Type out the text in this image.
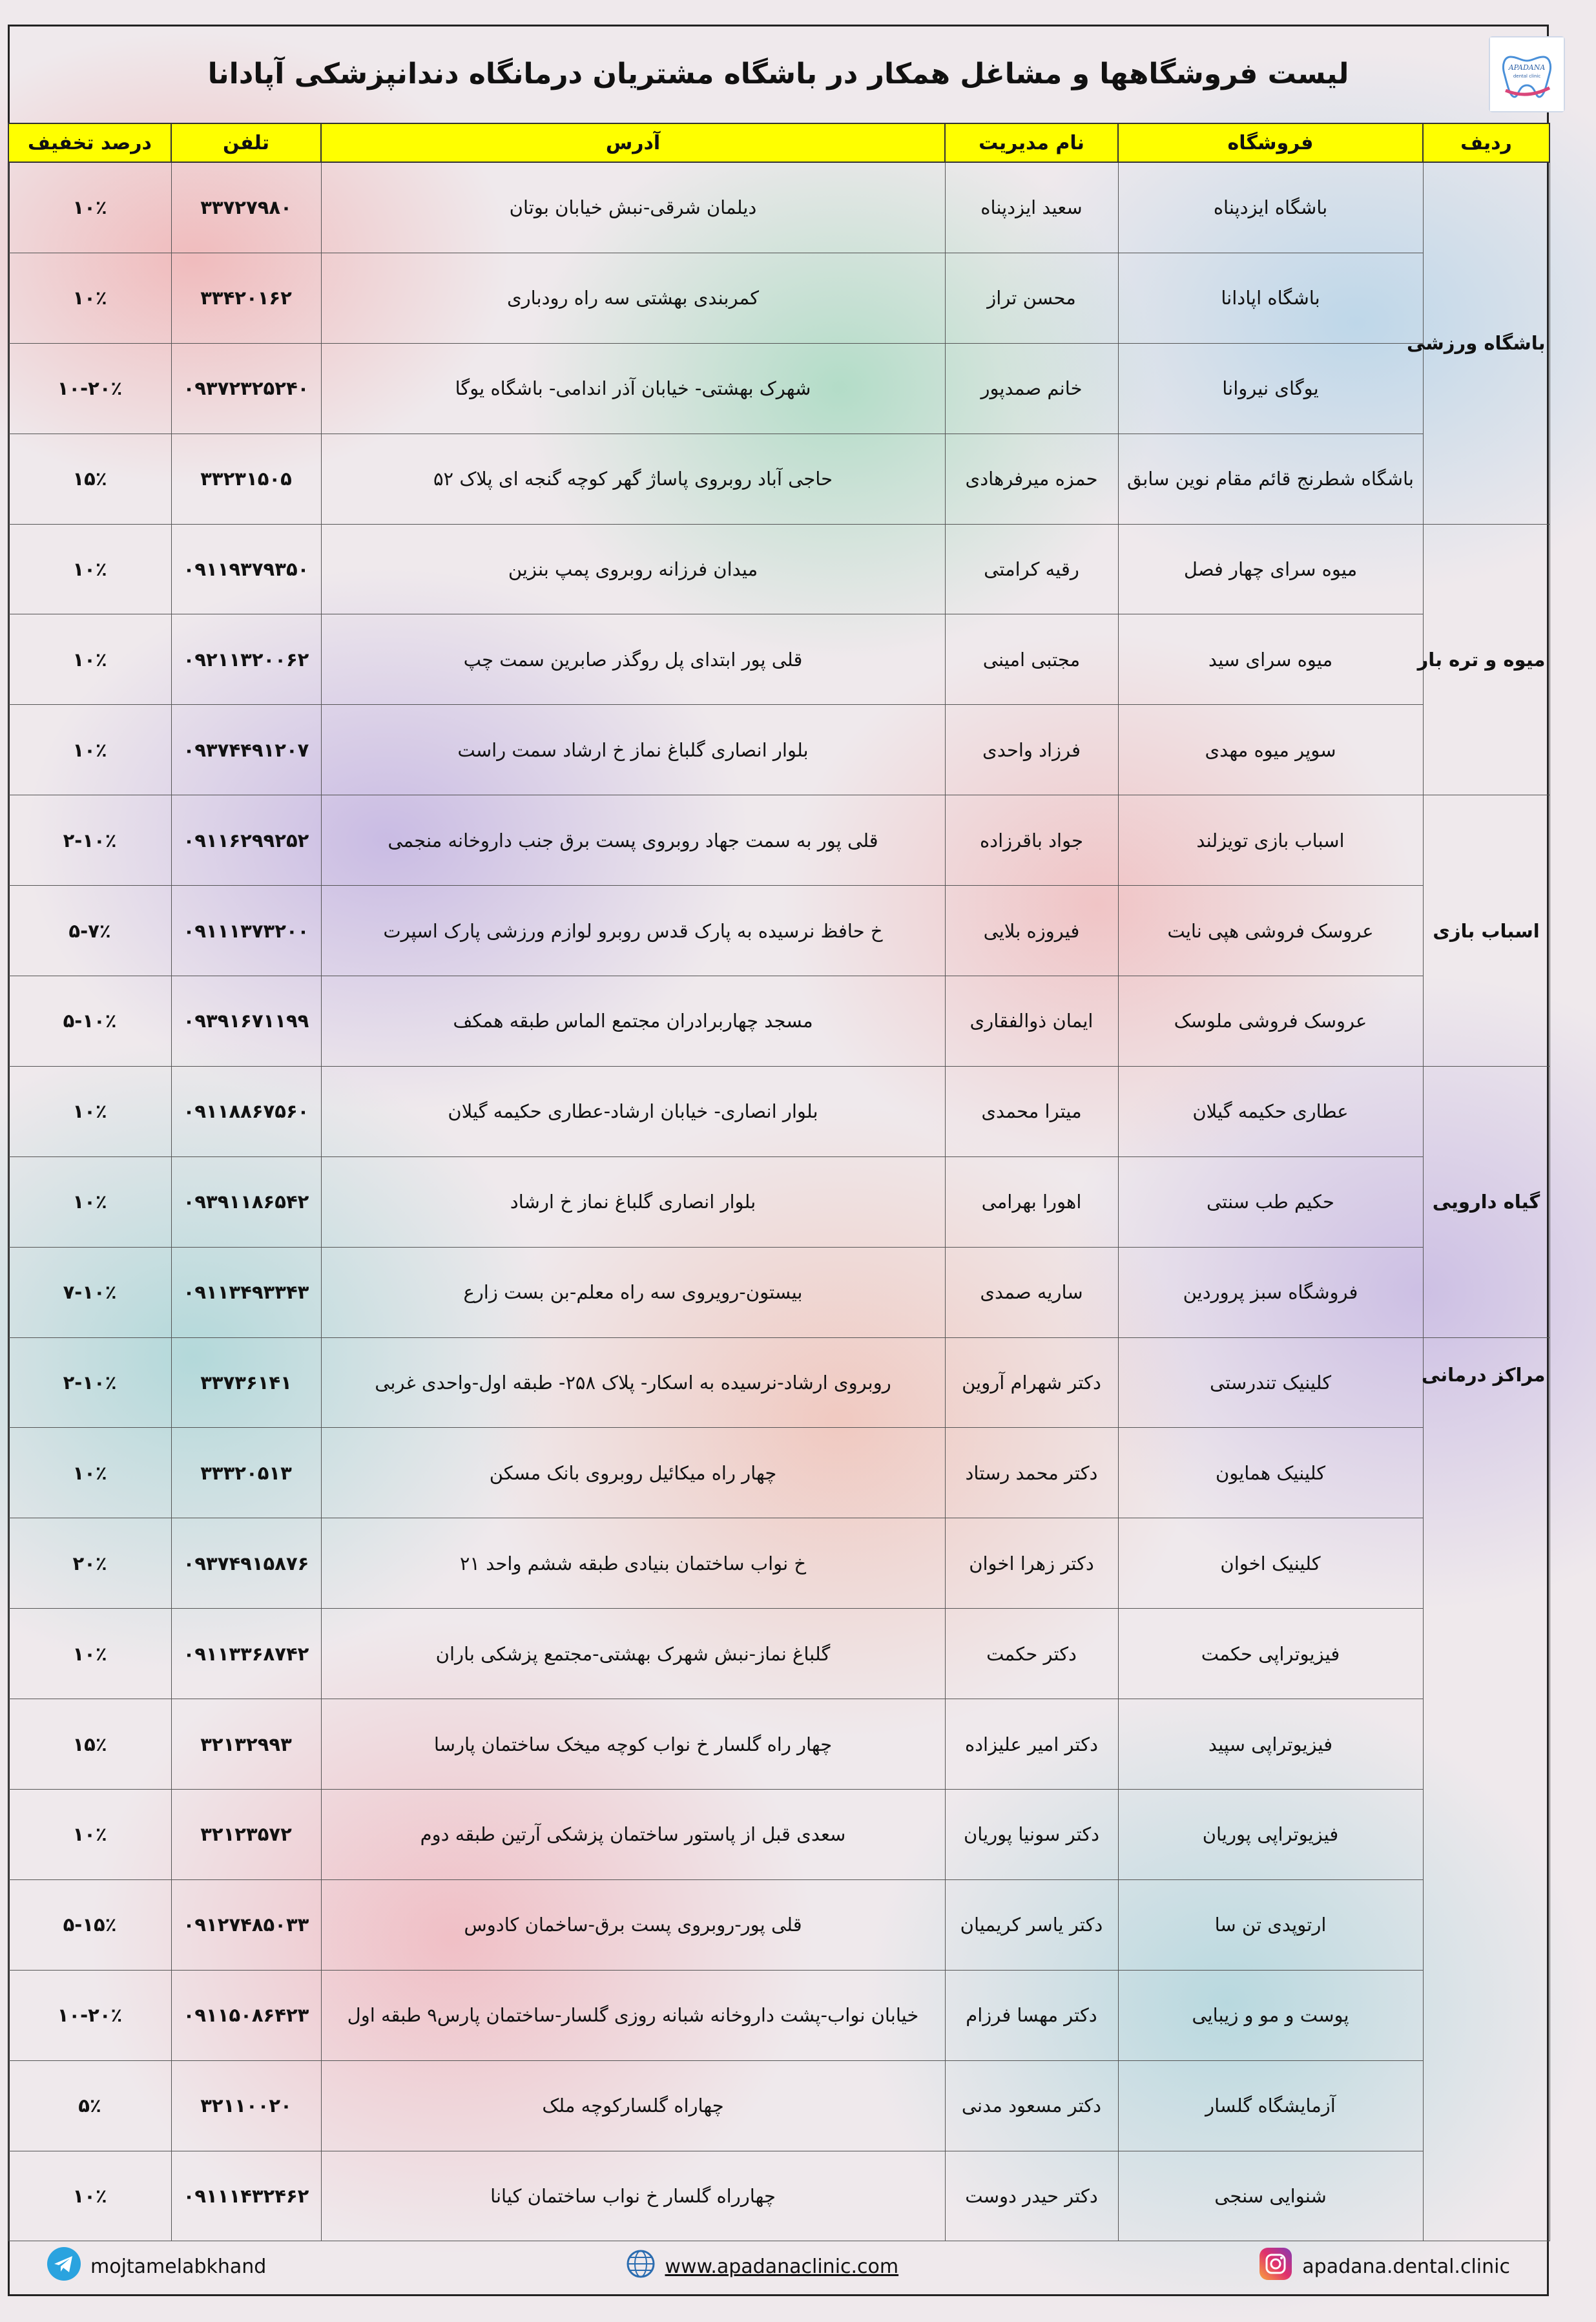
لیست فروشگاهها و مشاغل همکار در باشگاه مشتریان درمانگاه دندانپزشکی آپادانا	APADANA
dental clinic
ردیف	فروشگاه	نام مدیریت	آدرس	تلفن	درصد تخفیف
باشگاه ورزشی	باشگاه ایزدپناه	سعید ایزدپناه	دیلمان شرقی-نبش خیابان بوتان	۳۳۷۲۷۹۸۰	۱۰٪
	باشگاه اپادانا	محسن تراز	کمربندی بهشتی سه راه رودباری	۳۳۴۲۰۱۶۲	۱۰٪
	یوگای نیروانا	خانم صمدپور	شهرک بهشتی- خیابان آذر اندامی- باشگاه یوگا	۰۹۳۷۲۳۲۵۲۴۰	۱۰-۲۰٪
	باشگاه شطرنج قائم مقام نوین سابق	حمزه میرفرهادی	حاجی آباد روبروی پاساژ گهر کوچه گنجه ای پلاک ۵۲	۳۳۲۳۱۵۰۵	۱۵٪
میوه و تره بار	میوه سرای چهار فصل	رقیه کرامتی	میدان فرزانه روبروی پمپ بنزین	۰۹۱۱۹۳۷۹۳۵۰	۱۰٪
	میوه سرای سید	مجتبی امینی	قلی پور ابتدای پل روگذر صابرین سمت چپ	۰۹۲۱۱۳۲۰۰۶۲	۱۰٪
	سوپر میوه مهدی	فرزاد واحدی	بلوار انصاری گلباغ نماز خ ارشاد سمت راست	۰۹۳۷۴۴۹۱۲۰۷	۱۰٪
اسباب بازی	اسباب بازی تویزلند	جواد باقرزاده	قلی پور به سمت جهاد روبروی پست برق جنب داروخانه منجمی	۰۹۱۱۶۲۹۹۲۵۲	۲-۱۰٪
	عروسک فروشی هپی نایت	فیروزه بلایی	خ حافظ نرسیده به پارک قدس روبرو لوازم ورزشی پارک اسپرت	۰۹۱۱۱۳۷۳۲۰۰	۵-۷٪
	عروسک فروشی ملوسک	ایمان ذوالفقاری	مسجد چهاربرادران مجتمع الماس طبقه همکف	۰۹۳۹۱۶۷۱۱۹۹	۵-۱۰٪
گیاه دارویی	عطاری حکیمه گیلان	میترا محمدی	بلوار انصاری- خیابان ارشاد-عطاری حکیمه گیلان	۰۹۱۱۸۸۶۷۵۶۰	۱۰٪
	حکیم طب سنتی	اهورا بهرامی	بلوار انصاری گلباغ نماز خ ارشاد	۰۹۳۹۱۱۸۶۵۴۲	۱۰٪
	فروشگاه سبز پروردین	ساریه صمدی	بیستون-رویروی سه راه معلم-بن بست زارع	۰۹۱۱۳۴۹۳۳۴۳	۷-۱۰٪
مراکز درمانی	کلینیک تندرستی	دکتر شهرام آروین	روبروی ارشاد-نرسیده به اسکار- پلاک ۲۵۸- طبقه اول-واحدی غربی	۳۳۷۳۶۱۴۱	۲-۱۰٪
	کلینیک همایون	دکتر محمد رستاد	چهار راه میکائیل روبروی بانک مسکن	۳۳۳۲۰۵۱۳	۱۰٪
	کلینیک اخوان	دکتر زهرا اخوان	خ نواب ساختمان بنیادی طبقه ششم واحد ۲۱	۰۹۳۷۴۹۱۵۸۷۶	۲۰٪
	فیزیوتراپی حکمت	دکتر حکمت	گلباغ نماز-نبش شهرک بهشتی-مجتمع پزشکی باران	۰۹۱۱۳۳۶۸۷۴۲	۱۰٪
	فیزیوتراپی سپید	دکتر امیر علیزاده	چهار راه گلسار خ نواب کوچه میخک ساختمان پارسا	۳۲۱۳۲۹۹۳	۱۵٪
	فیزیوتراپی پوریان	دکتر سونیا پوریان	سعدی قبل از پاستور ساختمان پزشکی آرتین طبقه دوم	۳۲۱۲۳۵۷۲	۱۰٪
	ارتوپدی تن سا	دکتر یاسر کریمیان	قلی پور-روبروی پست برق-ساخمان کادوس	۰۹۱۲۷۴۸۵۰۳۳	۵-۱۵٪
	پوست و مو و زیبایی	دکتر مهسا فرزام	خیابان نواب-پشت داروخانه شبانه روزی گلسار-ساختمان پارس۹ طبقه اول	۰۹۱۱۵۰۸۶۴۲۳	۱۰-۲۰٪
	آزمایشگاه گلسار	دکتر مسعود مدنی	چهاراه گلسارکوچه ملک	۳۲۱۱۰۰۲۰	۵٪
	شنوایی سنجی	دکتر حیدر دوست	چهارراه گلسار خ نواب ساختمان کیانا	۰۹۱۱۱۴۳۲۴۶۲	۱۰٪
mojtamelabkhand	www.apadanaclinic.com	apadana.dental.clinic
